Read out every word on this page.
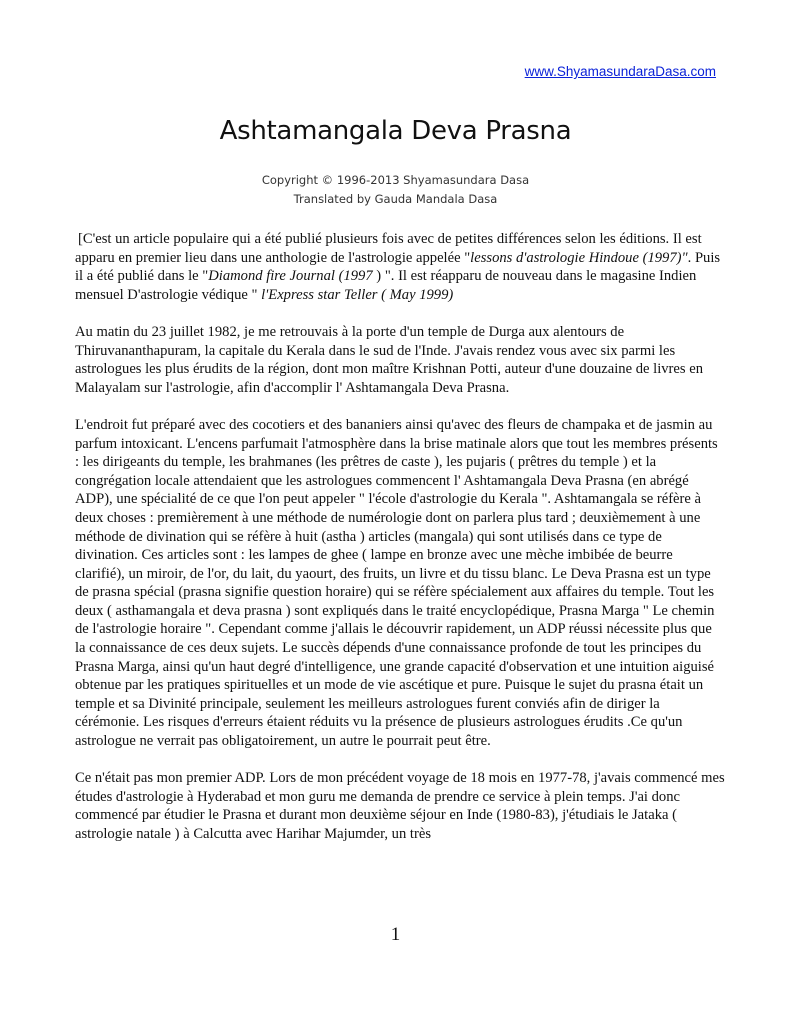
www.ShyamasundaraDasa.com
Ashtamangala Deva Prasna
Copyright © 1996-2013 Shyamasundara Dasa
Translated by Gauda Mandala Dasa

[C'est un article populaire qui a été publié plusieurs fois avec de petites différences selon les éditions. Il est apparu en premier lieu dans une anthologie de l'astrologie appelée "lessons d'astrologie Hindoue (1997)". Puis il a été publié dans le "Diamond fire Journal (1997 ) ". Il est réapparu de nouveau dans le magasine Indien mensuel D'astrologie védique " l'Express star Teller ( May 1999)

Au matin du 23 juillet 1982, je me retrouvais à la porte d'un temple de Durga aux alentours de Thiruvananthapuram, la capitale du Kerala dans le sud de l'Inde. J'avais rendez vous avec six parmi les astrologues les plus érudits de la région, dont mon maître Krishnan Potti, auteur d'une douzaine de livres en Malayalam sur l'astrologie, afin d'accomplir l' Ashtamangala Deva Prasna.

L'endroit fut préparé avec des cocotiers et des bananiers ainsi qu'avec des fleurs de champaka et de jasmin au parfum intoxicant. L'encens parfumait l'atmosphère dans la brise matinale alors que tout les membres présents : les dirigeants du temple, les brahmanes (les prêtres de caste ), les pujaris ( prêtres du temple ) et la congrégation locale attendaient que les astrologues commencent l' Ashtamangala Deva Prasna (en abrégé ADP), une spécialité de ce que l'on peut appeler " l'école d'astrologie du Kerala ". Ashtamangala se réfère à deux choses : premièrement à une méthode de numérologie dont on parlera plus tard ; deuxièmement à une méthode de divination qui se réfère à huit (astha ) articles (mangala) qui sont utilisés dans ce type de divination. Ces articles sont : les lampes de ghee ( lampe en bronze avec une mèche imbibée de beurre clarifié), un miroir, de l'or, du lait, du yaourt, des fruits, un livre et du tissu blanc. Le Deva Prasna est un type de prasna spécial (prasna signifie question horaire) qui se réfère spécialement aux affaires du temple. Tout les deux ( asthamangala et deva prasna ) sont expliqués dans le traité encyclopédique, Prasna Marga " Le chemin de l'astrologie horaire ". Cependant comme j'allais le découvrir rapidement, un ADP réussi nécessite plus que la connaissance de ces deux sujets. Le succès dépends d'une connaissance profonde de tout les principes du Prasna Marga, ainsi qu'un haut degré d'intelligence, une grande capacité d'observation et une intuition aiguisé obtenue par les pratiques spirituelles et un mode de vie ascétique et pure. Puisque le sujet du prasna était un temple et sa Divinité principale, seulement les meilleurs astrologues furent conviés afin de diriger la cérémonie. Les risques d'erreurs étaient réduits vu la présence de plusieurs astrologues érudits .Ce qu'un astrologue ne verrait pas obligatoirement, un autre le pourrait peut être.

Ce n'était pas mon premier ADP. Lors de mon précédent voyage de 18 mois en 1977-78, j'avais commencé mes études d'astrologie à Hyderabad et mon guru me demanda de prendre ce service à plein temps. J'ai donc commencé par étudier le Prasna et durant mon deuxième séjour en Inde (1980-83), j'étudiais le Jataka ( astrologie natale ) à Calcutta avec Harihar Majumder, un très

1
